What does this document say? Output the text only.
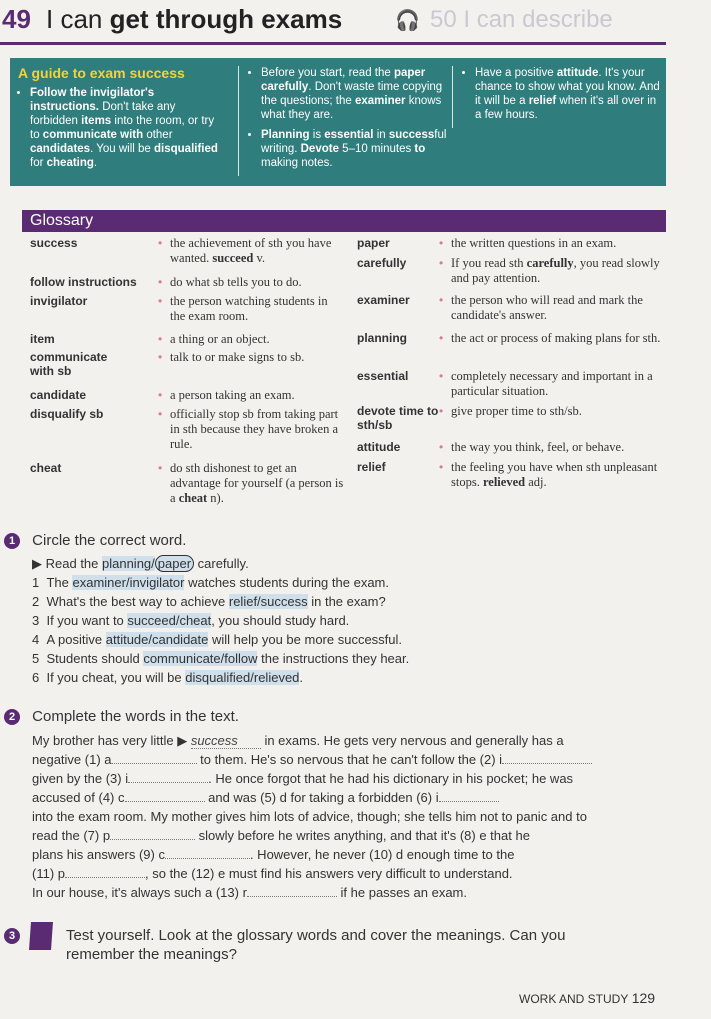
49 I can get through exams	🎧 50 I can describe
A guide to exam success
• Follow the invigilator's instructions. Don't take any forbidden items into the room, or try to communicate with other candidates. You will be disqualified for cheating.
• Before you start, read the paper carefully. Don't waste time copying the questions; the examiner knows what they are.
• Planning is essential in successful writing. Devote 5–10 minutes to making notes.
• Have a positive attitude. It's your chance to show what you know. And it will be a relief when it's all over in a few hours.
Glossary
success	• the achievement of sth you have wanted. succeed v.
follow instructions	• do what sb tells you to do.
invigilator	• the person watching students in the exam room.
item	• a thing or an object.
communicate with sb
• talk to or make signs to sb.
candidate	• a person taking an exam.
disqualify sb	• officially stop sb from taking part in sth because they have broken a rule.
cheat	• do sth dishonest to get an advantage for yourself (a person is a cheat n).
paper	• the written questions in an exam.
carefully	• If you read sth carefully, you read slowly and pay attention.
examiner	• the person who will read and mark the candidate's answer.
planning	• the act or process of making plans for sth.
essential	• completely necessary and important in a particular situation.
devote time to sth/sb
• give proper time to sth/sb.
attitude	• the way you think, feel, or behave.
relief	• the feeling you have when sth unpleasant stops. relieved adj.
1 Circle the correct word.
▶ Read the planning/ paper carefully.
1 The examiner/invigilator watches students during the exam.
2 What's the best way to achieve relief/success in the exam?
3 If you want to succeed/cheat, you should study hard.
4 A positive attitude/candidate will help you be more successful.
5 Students should communicate/follow the instructions they hear.
6 If you cheat, you will be disqualified/relieved.
2 Complete the words in the text.
My brother has very little ▶ success in exams. He gets very nervous and generally has a
negative (1) a	to them. He's so nervous that he can't follow the (2) i
given by the (3) i	. He once forgot that he had his dictionary in his pocket; he was
accused of (4) c	and was (5) d for taking a forbidden (6) i
into the exam room. My mother gives him lots of advice, though; she tells him not to panic and to
read the (7) p	slowly before he writes anything, and that it's (8) e that he
plans his answers (9) c	. However, he never (10) d enough time to the
(11) p	, so the (12) e must find his answers very difficult to understand.
In our house, it's always such a (13) r	if he passes an exam.
3	Test yourself. Look at the glossary words and cover the meanings. Can you
remember the meanings?
WORK AND STUDY 129
